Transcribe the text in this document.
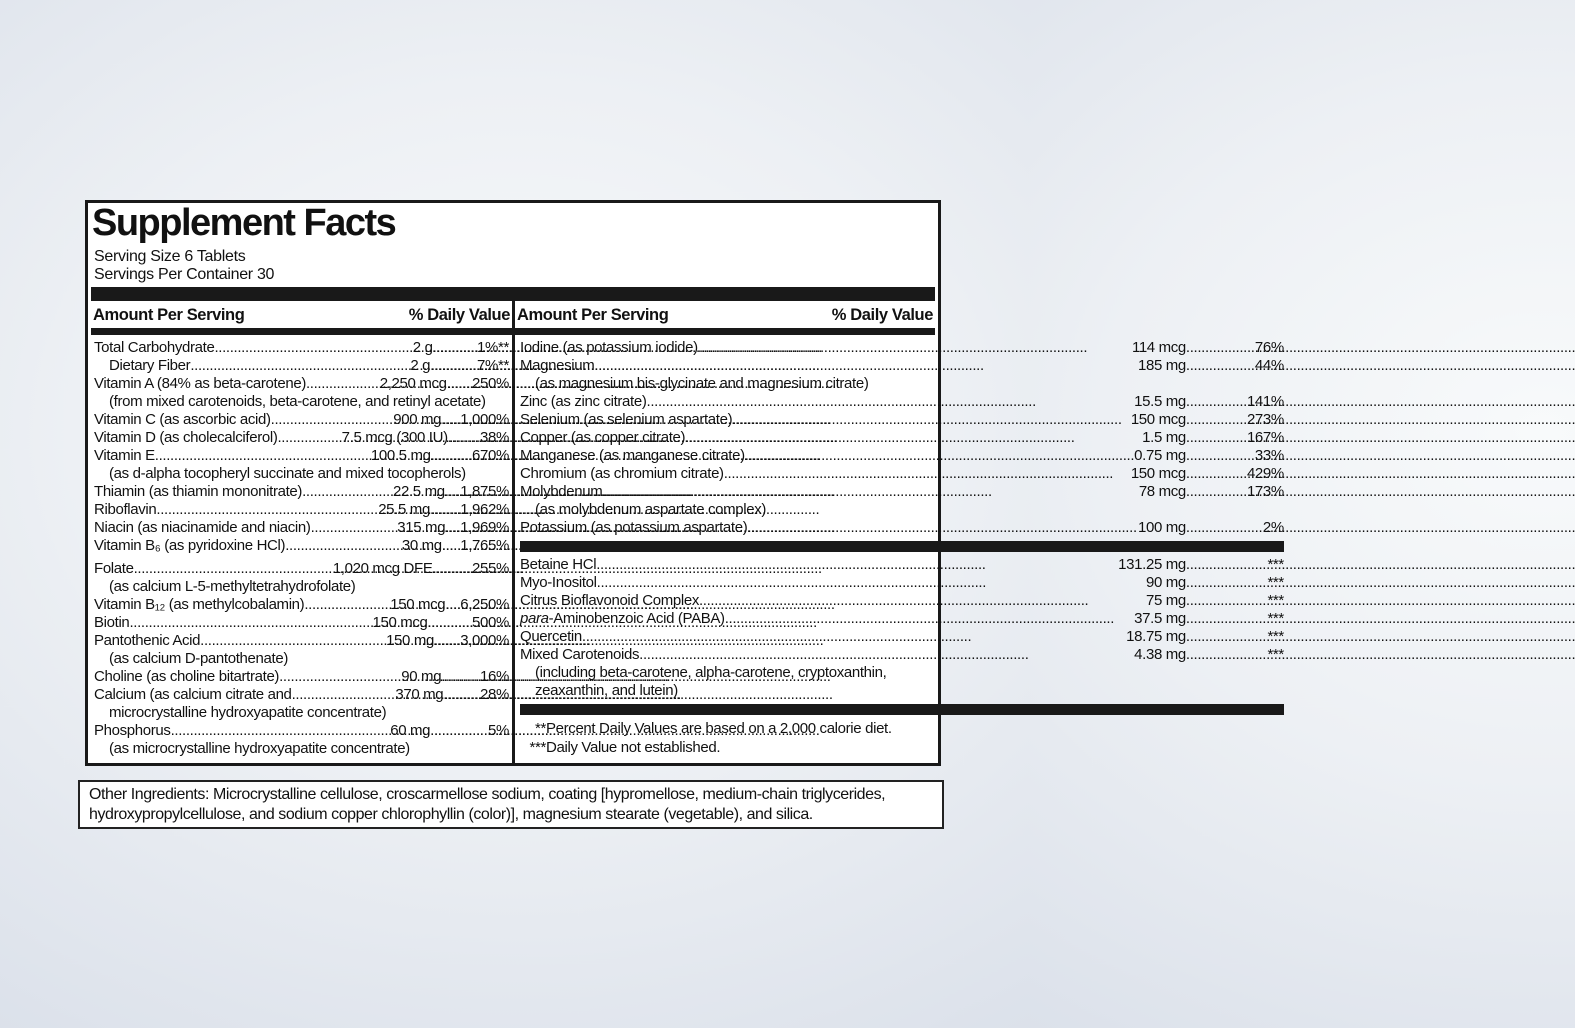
Supplement Facts
Serving Size 6 Tablets
Servings Per Container 30
Amount Per Serving	% Daily Value Amount Per Serving	% Daily Value
Total Carbohydrate .....	2 g .....	1%**
Dietary Fiber .....	2 g .....	7%**
Vitamin A (84% as beta-carotene) .....	2,250 mcg .....	250%
(from mixed carotenoids, beta-carotene, and retinyl acetate)
Vitamin C (as ascorbic acid) .....	900 mg .....	1,000%
Vitamin D (as cholecalciferol) .....	7.5 mcg (300 IU) .....	38%
Vitamin E .....	100.5 mg .....	670%
(as d-alpha tocopheryl succinate and mixed tocopherols)
Thiamin (as thiamin mononitrate) .....	22.5 mg .....	1,875%
Riboflavin .....	25.5 mg .....	1,962%
Niacin (as niacinamide and niacin) .....	315 mg .....	1,969%
Vitamin B₆ (as pyridoxine HCl) .....	30 mg .....	1,765%
Folate .....	1,020 mcg DFE .....	255%
(as calcium L-5-methyltetrahydrofolate)
Vitamin B₁₂ (as methylcobalamin) .....	150 mcg ..... 6,250%
Biotin .....	150 mcg .....	500%
Pantothenic Acid .....	150 mg .....	3,000%
(as calcium D-pantothenate)
Choline (as choline bitartrate) .....	90 mg .....	16%
Calcium (as calcium citrate and .....	370 mg .....	28%
microcrystalline hydroxyapatite concentrate)
Phosphorus .....	60 mg .....	5%
(as microcrystalline hydroxyapatite concentrate)
Iodine (as potassium iodide) .....	114 mcg .....	76%
Magnesium .....	185 mg .....	44%
(as magnesium bis-glycinate and magnesium citrate)
Zinc (as zinc citrate) .....	15.5 mg .....	141%
Selenium (as selenium aspartate) .....	150 mcg .....	273%
Copper (as copper citrate) .....	1.5 mg .....	167%
Manganese (as manganese citrate) .....	0.75 mg .....	33%
Chromium (as chromium citrate) .....	150 mcg .....	429%
Molybdenum .....	78 mcg .....	173%
(as molybdenum aspartate complex)
Potassium (as potassium aspartate) .....	100 mg .....	2%
Betaine HCl .....	131.25 mg .....	***
Myo-Inositol .....	90 mg .....	***
Citrus Bioflavonoid Complex .....	75 mg .....	***
para-Aminobenzoic Acid (PABA) .....	37.5 mg .....	***
Quercetin .....	18.75 mg .....	***
Mixed Carotenoids .....	4.38 mg .....	***
(including beta-carotene, alpha-carotene, cryptoxanthin,
zeaxanthin, and lutein)
** Percent Daily Values are based on a 2,000 calorie diet.
*** Daily Value not established.
Other Ingredients: Microcrystalline cellulose, croscarmellose sodium, coating [hypromellose, medium-chain triglycerides, hydroxypropylcellulose, and sodium copper chlorophyllin (color)], magnesium stearate (vegetable), and silica.
